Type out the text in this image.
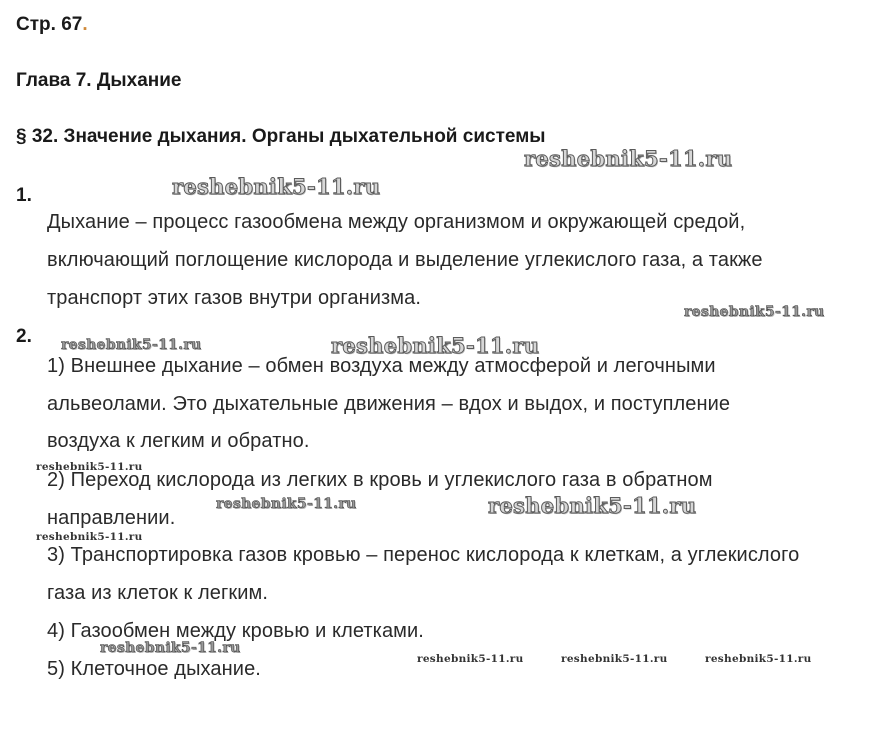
Стр. 67.
Глава 7. Дыхание
§ 32. Значение дыхания. Органы дыхательной системы
1.
Дыхание – процесс газообмена между организмом и окружающей средой,
включающий поглощение кислорода и выделение углекислого газа, а также
транспорт этих газов внутри организма.
2.
1) Внешнее дыхание – обмен воздуха между атмосферой и легочными
альвеолами. Это дыхательные движения – вдох и выдох, и поступление
воздуха к легким и обратно.
2) Переход кислорода из легких в кровь и углекислого газа в обратном
направлении.
3) Транспортировка газов кровью – перенос кислорода к клеткам, а углекислого
газа из клеток к легким.
4) Газообмен между кровью и клетками.
5) Клеточное дыхание.
reshebnik5-11.ru
reshebnik5-11.ru
reshebnik5-11.ru
reshebnik5-11.ru	reshebnik5-11.ru
reshebnik5-11.ru
reshebnik5-11.ru	reshebnik5-11.ru
reshebnik5-11.ru
reshebnik5-11.ru
reshebnik5-11.ru	reshebnik5-11.ru	reshebnik5-11.ru
